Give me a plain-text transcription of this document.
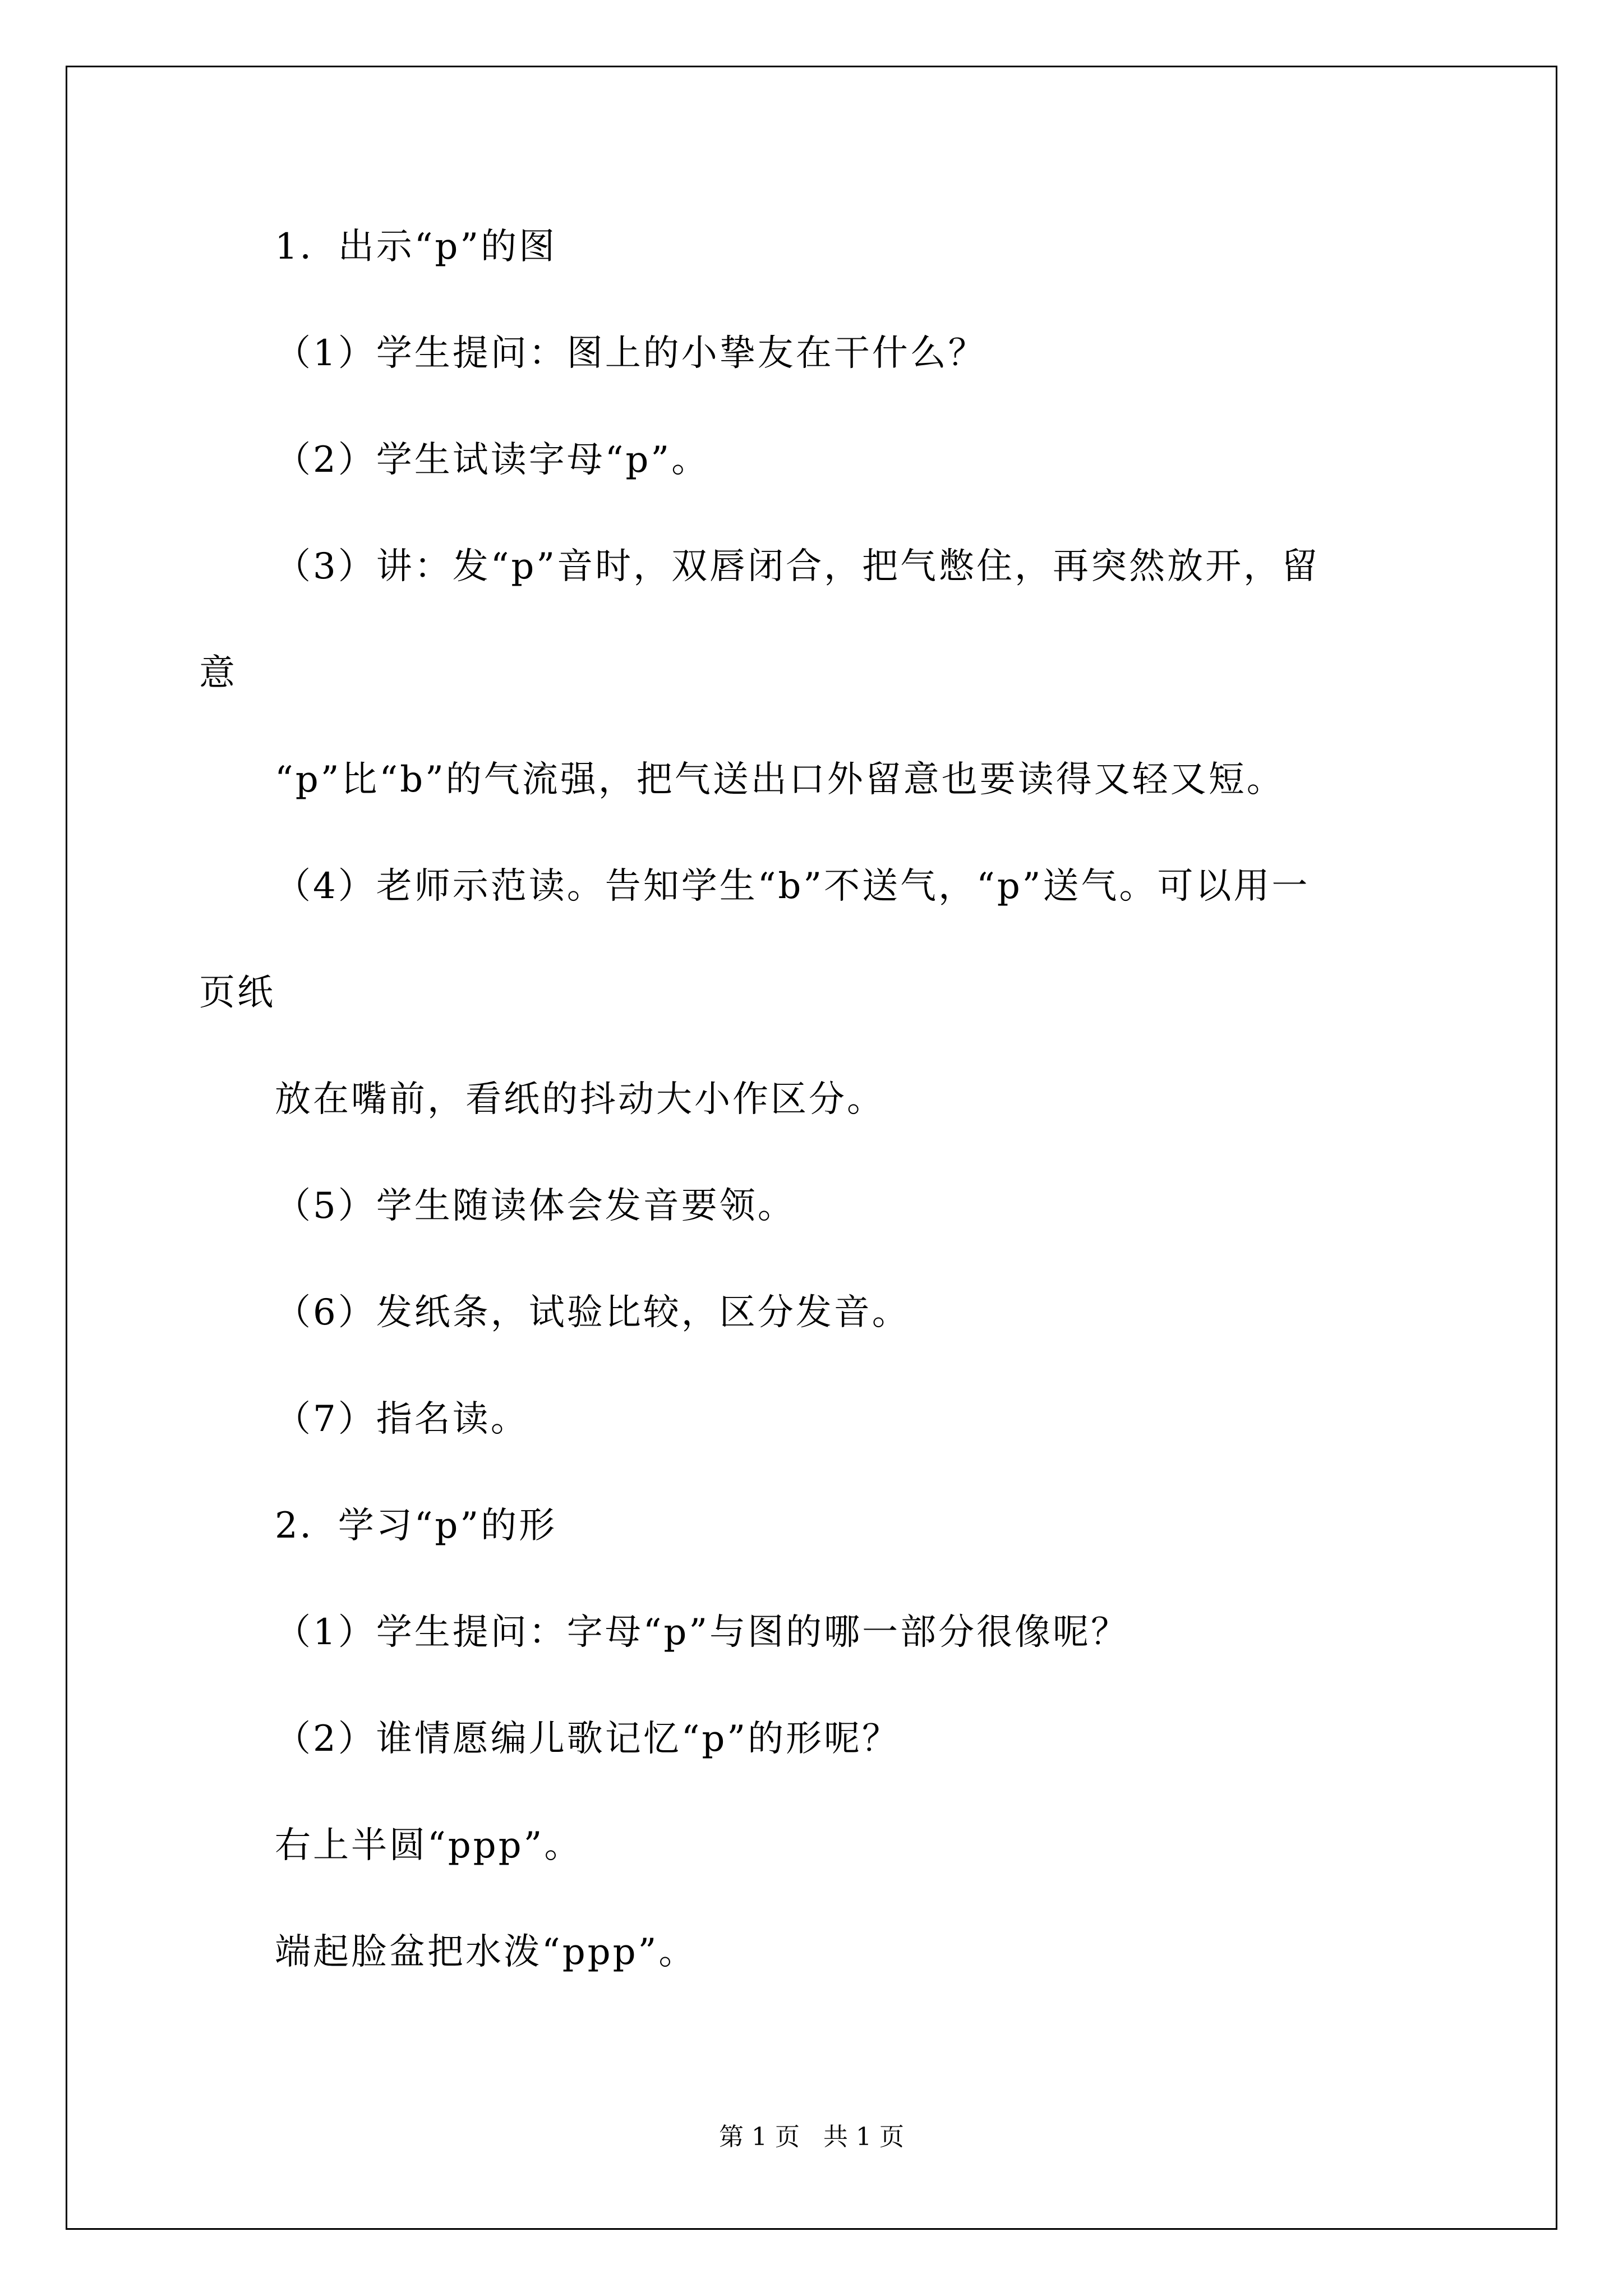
1．出示“p”的图
（1）学生提问：图上的小挚友在干什么？
（2）学生试读字母“p”。
（3）讲：发“p”音时，双唇闭合，把气憋住，再突然放开，留
意
“p”比“b”的气流强，把气送出口外留意也要读得又轻又短。
（4）老师示范读。告知学生“b”不送气，“p”送气。可以用一
页纸
放在嘴前，看纸的抖动大小作区分。
（5）学生随读体会发音要领。
（6）发纸条，试验比较，区分发音。
（7）指名读。
2．学习“p”的形
（1）学生提问：字母“p”与图的哪一部分很像呢？
（2）谁情愿编儿歌记忆“p”的形呢？
右上半圆“ppp”。
端起脸盆把水泼“ppp”。
第 1 页   共 1 页
